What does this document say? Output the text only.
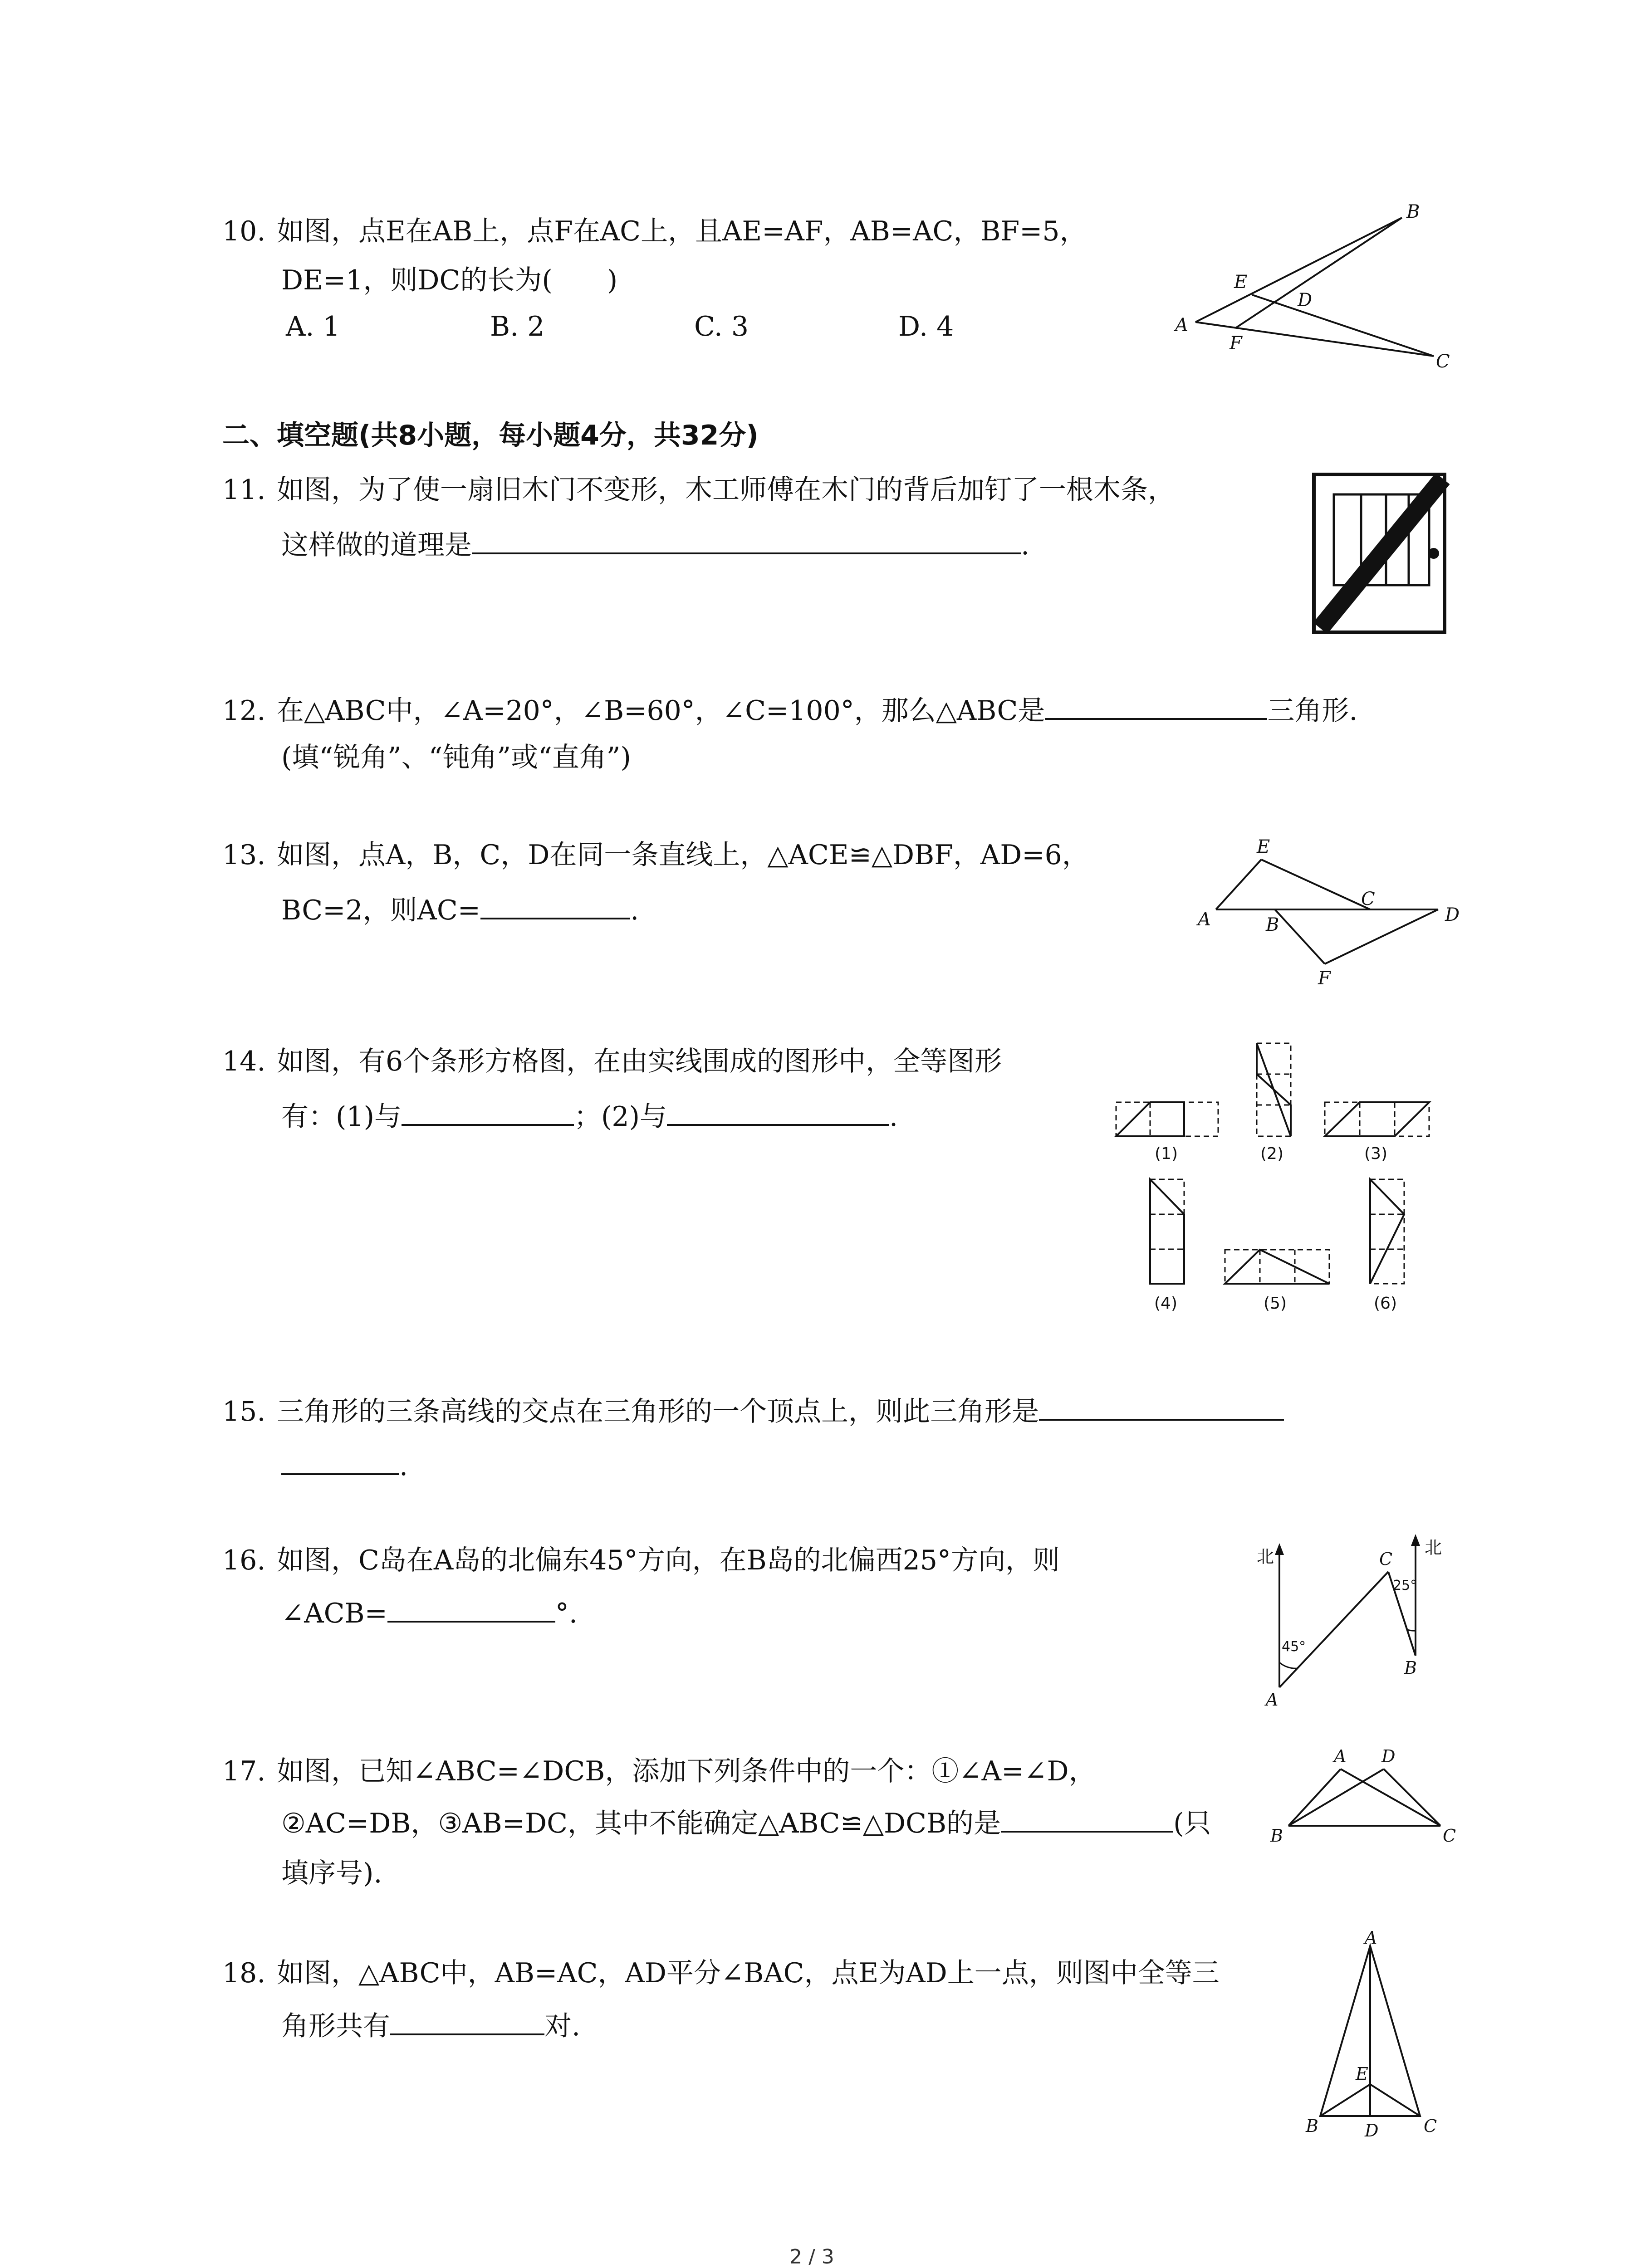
10. 如图，点E在AB上，点F在AC上，且AE=AF，AB=AC，BF=5，
DE=1，则DC的长为(　　)
A. 1	B. 2	C. 3	D. 4	A
B
C
D
E
F
二、填空题(共8小题，每小题4分，共32分)
11. 如图，为了使一扇旧木门不变形，木工师傅在木门的背后加钉了一根木条，
这样做的道理是	.
12. 在△ABC中，∠A=20°，∠B=60°，∠C=100°，那么△ABC是	三角形.
(填“锐角”、“钝角”或“直角”)
13. 如图，点A，B，C，D在同一条直线上，△ACE≌△DBF，AD=6，
BC=2，则AC=	.	A	B
C
D
E
F
14. 如图，有6个条形方格图，在由实线围成的图形中，全等图形
有：(1)与	；(2)与	.
(1)	(2)	(3)
(4)	(5)	(6)
15. 三角形的三条高线的交点在三角形的一个顶点上，则此三角形是
.
16. 如图，C岛在A岛的北偏东45°方向，在B岛的北偏西25°方向，则
∠ACB=	°.
北	北
A
B
C
45°
25°
17. 如图，已知∠ABC=∠DCB，添加下列条件中的一个：①∠A=∠D，
②AC=DB，③AB=DC，其中不能确定△ABC≌△DCB的是	(只
填序号).
A D
B	C
18. 如图，△ABC中，AB=AC，AD平分∠BAC，点E为AD上一点，则图中全等三
角形共有	对.
A
B	C
D
E
2 / 3
